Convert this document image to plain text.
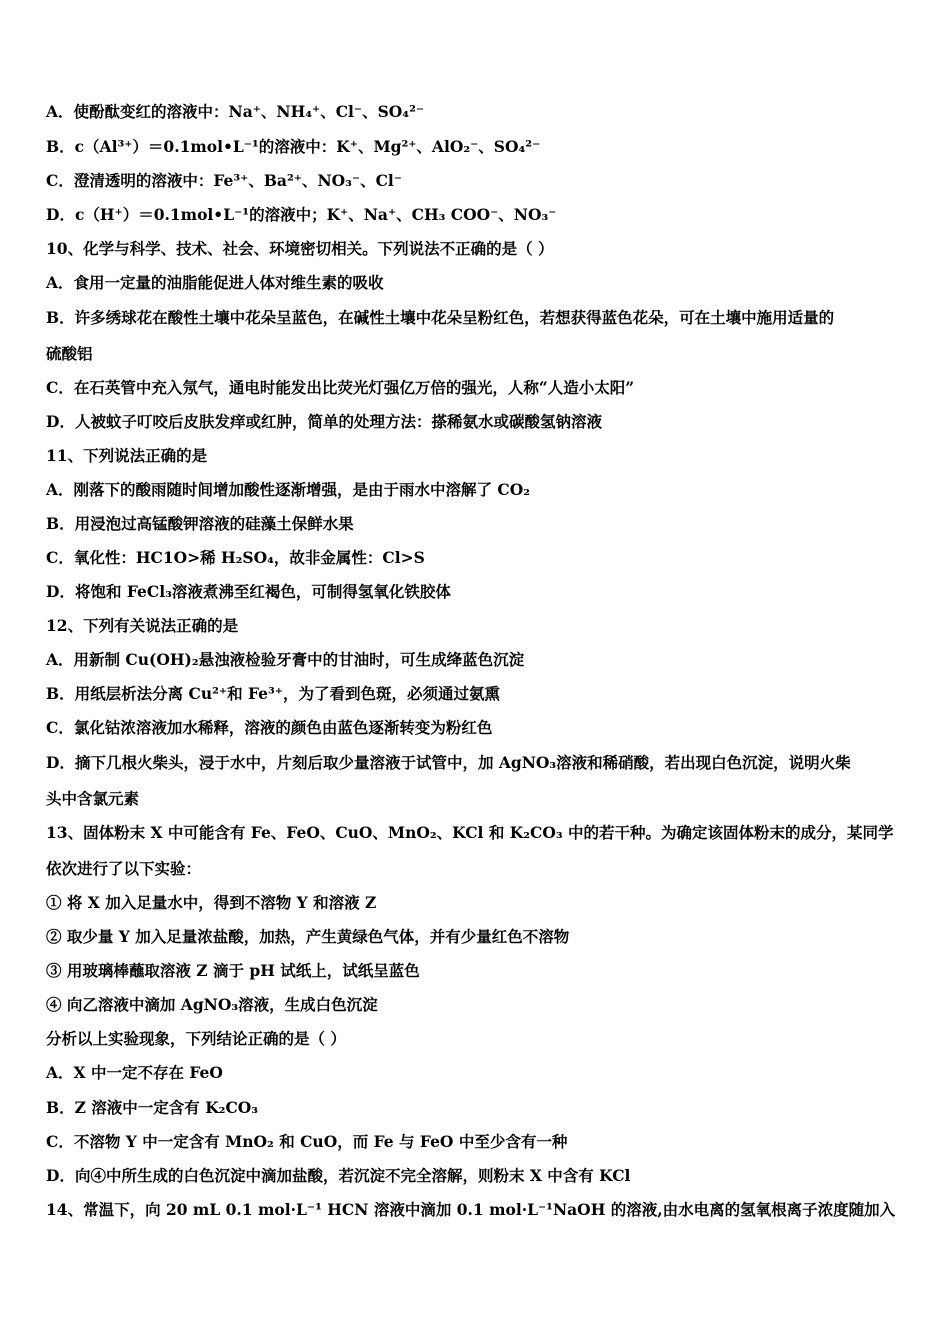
A．使酚酞变红的溶液中：Na⁺、NH₄⁺、Cl⁻、SO₄²⁻
B．c（Al³⁺）＝0.1mol•L⁻¹的溶液中：K⁺、Mg²⁺、AlO₂⁻、SO₄²⁻
C．澄清透明的溶液中：Fe³⁺、Ba²⁺、NO₃⁻、Cl⁻
D．c（H⁺）＝0.1mol•L⁻¹的溶液中；K⁺、Na⁺、CH₃ COO⁻、NO₃⁻
10、化学与科学、技术、社会、环境密切相关。下列说法不正确的是（ ）
A．食用一定量的油脂能促进人体对维生素的吸收
B．许多绣球花在酸性土壤中花朵呈蓝色，在碱性土壤中花朵呈粉红色，若想获得蓝色花朵，可在土壤中施用适量的
硫酸铝
C．在石英管中充入氖气，通电时能发出比荧光灯强亿万倍的强光，人称“人造小太阳”
D．人被蚊子叮咬后皮肤发痒或红肿，简单的处理方法：搽稀氨水或碳酸氢钠溶液
11、下列说法正确的是
A．刚落下的酸雨随时间增加酸性逐渐增强，是由于雨水中溶解了 CO₂
B．用浸泡过高锰酸钾溶液的硅藻土保鲜水果
C．氧化性：HC1O>稀 H₂SO₄，故非金属性：Cl>S
D．将饱和 FeCl₃溶液煮沸至红褐色，可制得氢氧化铁胶体
12、下列有关说法正确的是
A．用新制 Cu(OH)₂悬浊液检验牙膏中的甘油时，可生成绛蓝色沉淀
B．用纸层析法分离 Cu²⁺和 Fe³⁺，为了看到色斑，必须通过氨熏
C．氯化钴浓溶液加水稀释，溶液的颜色由蓝色逐渐转变为粉红色
D．摘下几根火柴头，浸于水中，片刻后取少量溶液于试管中，加 AgNO₃溶液和稀硝酸，若出现白色沉淀，说明火柴
头中含氯元素
13、固体粉末 X 中可能含有 Fe、FeO、CuO、MnO₂、KCl 和 K₂CO₃ 中的若干种。为确定该固体粉末的成分，某同学
依次进行了以下实验：
① 将 X 加入足量水中，得到不溶物 Y 和溶液 Z
② 取少量 Y 加入足量浓盐酸，加热，产生黄绿色气体，并有少量红色不溶物
③ 用玻璃棒蘸取溶液 Z 滴于 pH 试纸上，试纸呈蓝色
④ 向乙溶液中滴加 AgNO₃溶液，生成白色沉淀
分析以上实验现象，下列结论正确的是（ ）
A．X 中一定不存在 FeO
B．Z 溶液中一定含有 K₂CO₃
C．不溶物 Y 中一定含有 MnO₂ 和 CuO，而 Fe 与 FeO 中至少含有一种
D．向④中所生成的白色沉淀中滴加盐酸，若沉淀不完全溶解，则粉末 X 中含有 KCl
14、常温下，向 20 mL 0.1 mol·L⁻¹ HCN 溶液中滴加 0.1 mol·L⁻¹NaOH 的溶液,由水电离的氢氧根离子浓度随加入
